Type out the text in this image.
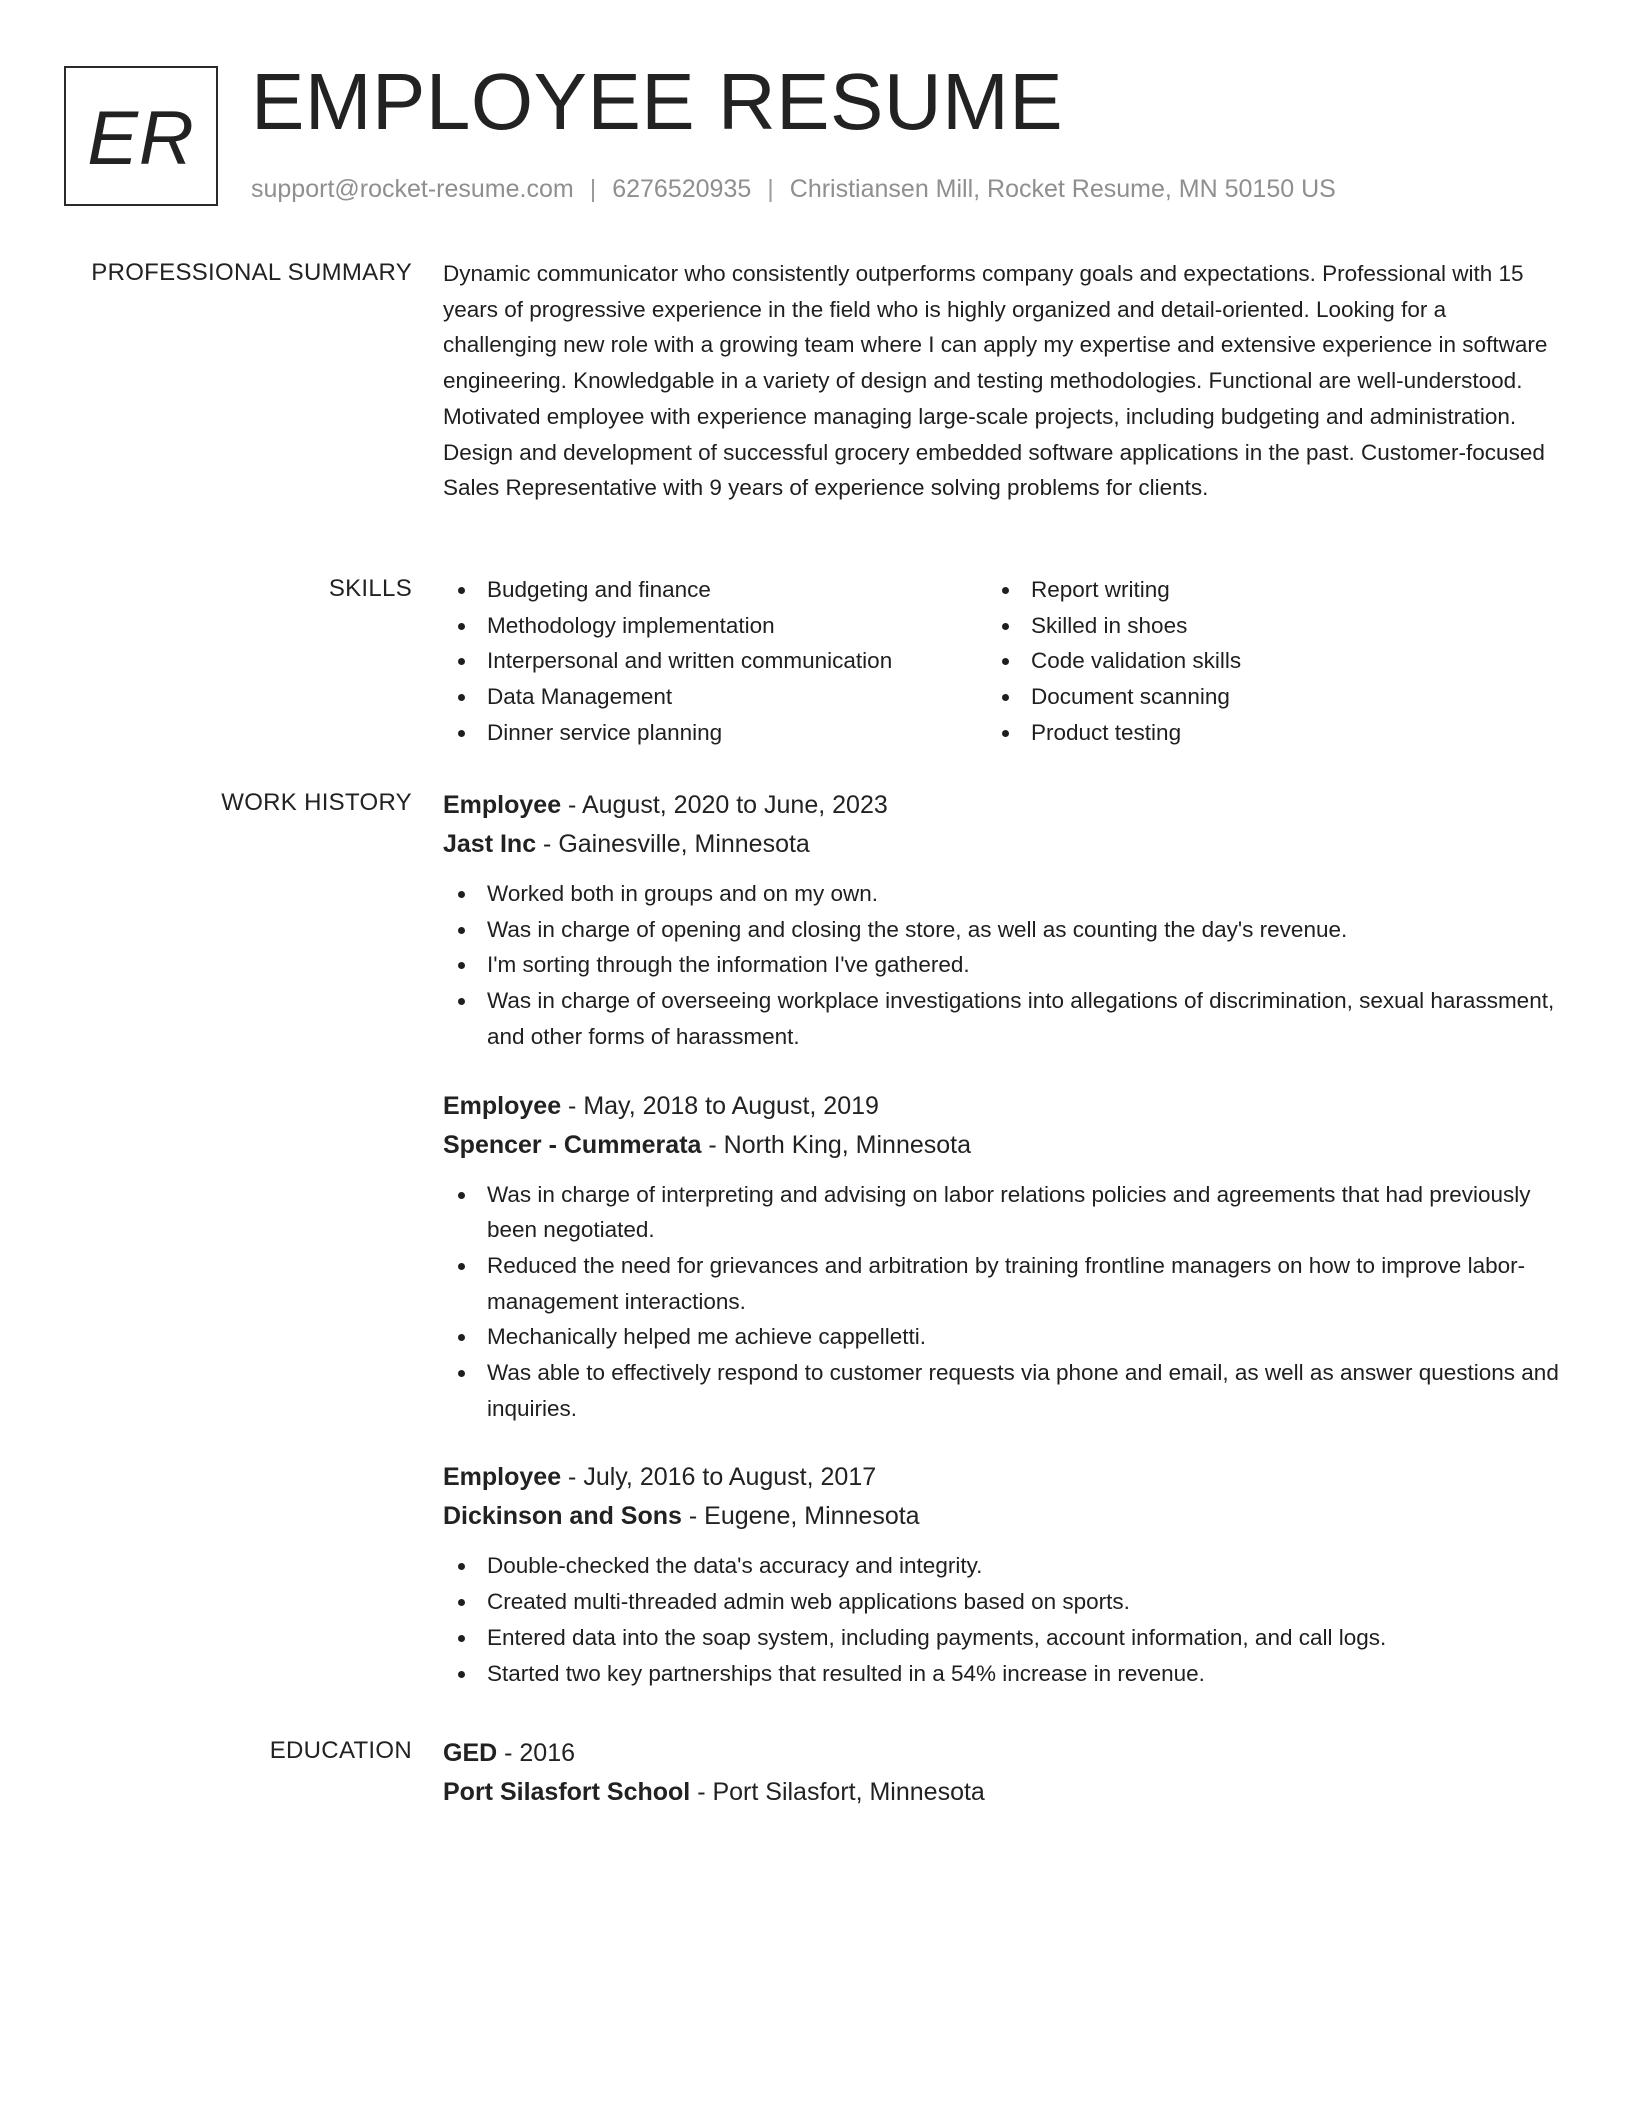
ER EMPLOYEE RESUME
support@rocket-resume.com | 6276520935 | Christiansen Mill, Rocket Resume, MN 50150 US
PROFESSIONAL SUMMARY Dynamic communicator who consistently outperforms company goals and expectations. Professional with 15 years of progressive experience in the field who is highly organized and detail-oriented. Looking for a challenging new role with a growing team where I can apply my expertise and extensive experience in software engineering. Knowledgable in a variety of design and testing methodologies. Functional are well-understood. Motivated employee with experience managing large-scale projects, including budgeting and administration. Design and development of successful grocery embedded software applications in the past. Customer-focused Sales Representative with 9 years of experience solving problems for clients.

SKILLS	Budgeting and finance
Methodology implementation
Interpersonal and written communication
Data Management
Dinner service planning
Report writing
Skilled in shoes
Code validation skills
Document scanning
Product testing
WORK HISTORY Employee - August, 2020 to June, 2023
Jast Inc - Gainesville, Minnesota
Worked both in groups and on my own.
Was in charge of opening and closing the store, as well as counting the day's revenue.
I'm sorting through the information I've gathered.
Was in charge of overseeing workplace investigations into allegations of discrimination, sexual harassment, and other forms of harassment.
Employee - May, 2018 to August, 2019
Spencer - Cummerata - North King, Minnesota
Was in charge of interpreting and advising on labor relations policies and agreements that had previously been negotiated.
Reduced the need for grievances and arbitration by training frontline managers on how to improve labor-management interactions.
Mechanically helped me achieve cappelletti.
Was able to effectively respond to customer requests via phone and email, as well as answer questions and inquiries.
Employee - July, 2016 to August, 2017
Dickinson and Sons - Eugene, Minnesota
Double-checked the data's accuracy and integrity.
Created multi-threaded admin web applications based on sports.
Entered data into the soap system, including payments, account information, and call logs.
Started two key partnerships that resulted in a 54% increase in revenue.
EDUCATION GED - 2016
Port Silasfort School - Port Silasfort, Minnesota
